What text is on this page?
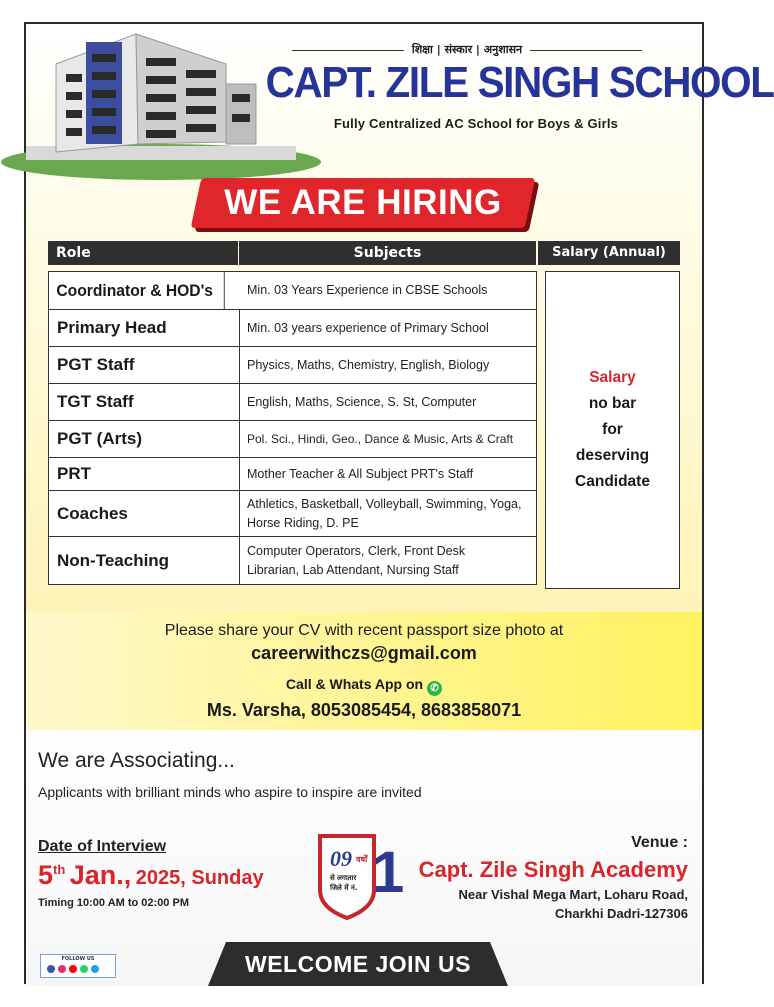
शिक्षा | संस्कार | अनुशासन
CAPT. ZILE SINGH SCHOOL
Fully Centralized AC School for Boys & Girls
WE ARE HIRING
Role	Subjects	Salary (Annual)
Coordinator & HOD's	Min. 03 Years Experience in CBSE Schools
Primary Head	Min. 03 years experience of Primary School
PGT Staff	Physics, Maths, Chemistry, English, Biology
TGT Staff	English, Maths, Science, S. St, Computer
PGT (Arts)	Pol. Sci., Hindi, Geo., Dance & Music, Arts & Craft
PRT	Mother Teacher & All Subject PRT's Staff
Coaches	Athletics, Basketball, Volleyball, Swimming, Yoga, Horse Riding, D. PE
Non-Teaching	Computer Operators, Clerk, Front Desk Librarian, Lab Attendant, Nursing Staff
Salary
no bar
for
deserving
Candidate
Please share your CV with recent passport size photo at
careerwithczs@gmail.com
Call & Whats App on ✆
Ms. Varsha, 8053085454, 8683858071
We are Associating...
Applicants with brilliant minds who aspire to inspire are invited
Date of Interview
5th Jan., 2025, Sunday
Timing 10:00 AM to 02:00 PM
09 वर्षों
से लगातार
जिले में नं. 1	Venue :
Capt. Zile Singh Academy
Near Vishal Mega Mart, Loharu Road,
Charkhi Dadri-127306
FOLLOW US	WELCOME JOIN US
